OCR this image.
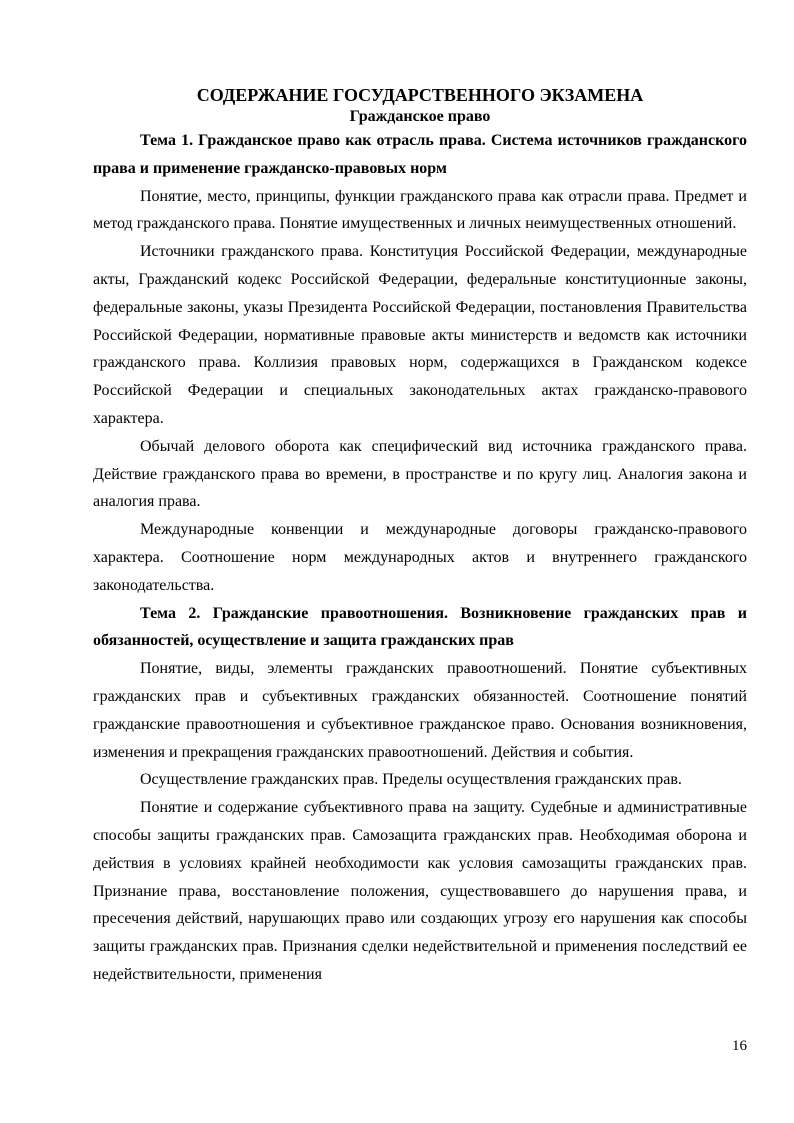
СОДЕРЖАНИЕ ГОСУДАРСТВЕННОГО ЭКЗАМЕНА
Гражданское право

Тема 1. Гражданское право как отрасль права. Система источников гражданского права и применение гражданско-правовых норм

Понятие, место, принципы, функции гражданского права как отрасли права. Предмет и метод гражданского права. Понятие имущественных и личных неимущественных отношений.

Источники гражданского права. Конституция Российской Федерации, международные акты, Гражданский кодекс Российской Федерации, федеральные конституционные законы, федеральные законы, указы Президента Российской Федерации, постановления Правительства Российской Федерации, нормативные правовые акты министерств и ведомств как источники гражданского права. Коллизия правовых норм, содержащихся в Гражданском кодексе Российской Федерации и специальных законодательных актах гражданско-правового характера.

Обычай делового оборота как специфический вид источника гражданского права. Действие гражданского права во времени, в пространстве и по кругу лиц. Аналогия закона и аналогия права.

Международные конвенции и международные договоры гражданско-правового характера. Соотношение норм международных актов и внутреннего гражданского законодательства.

Тема 2. Гражданские правоотношения. Возникновение гражданских прав и обязанностей, осуществление и защита гражданских прав

Понятие, виды, элементы гражданских правоотношений. Понятие субъективных гражданских прав и субъективных гражданских обязанностей. Соотношение понятий гражданские правоотношения и субъективное гражданское право. Основания возникновения, изменения и прекращения гражданских правоотношений. Действия и события.

Осуществление гражданских прав. Пределы осуществления гражданских прав.

Понятие и содержание субъективного права на защиту. Судебные и административные способы защиты гражданских прав. Самозащита гражданских прав. Необходимая оборона и действия в условиях крайней необходимости как условия самозащиты гражданских прав. Признание права, восстановление положения, существовавшего до нарушения права, и пресечения действий, нарушающих право или создающих угрозу его нарушения как способы защиты гражданских прав. Признания сделки недействительной и применения последствий ее недействительности, применения

16
